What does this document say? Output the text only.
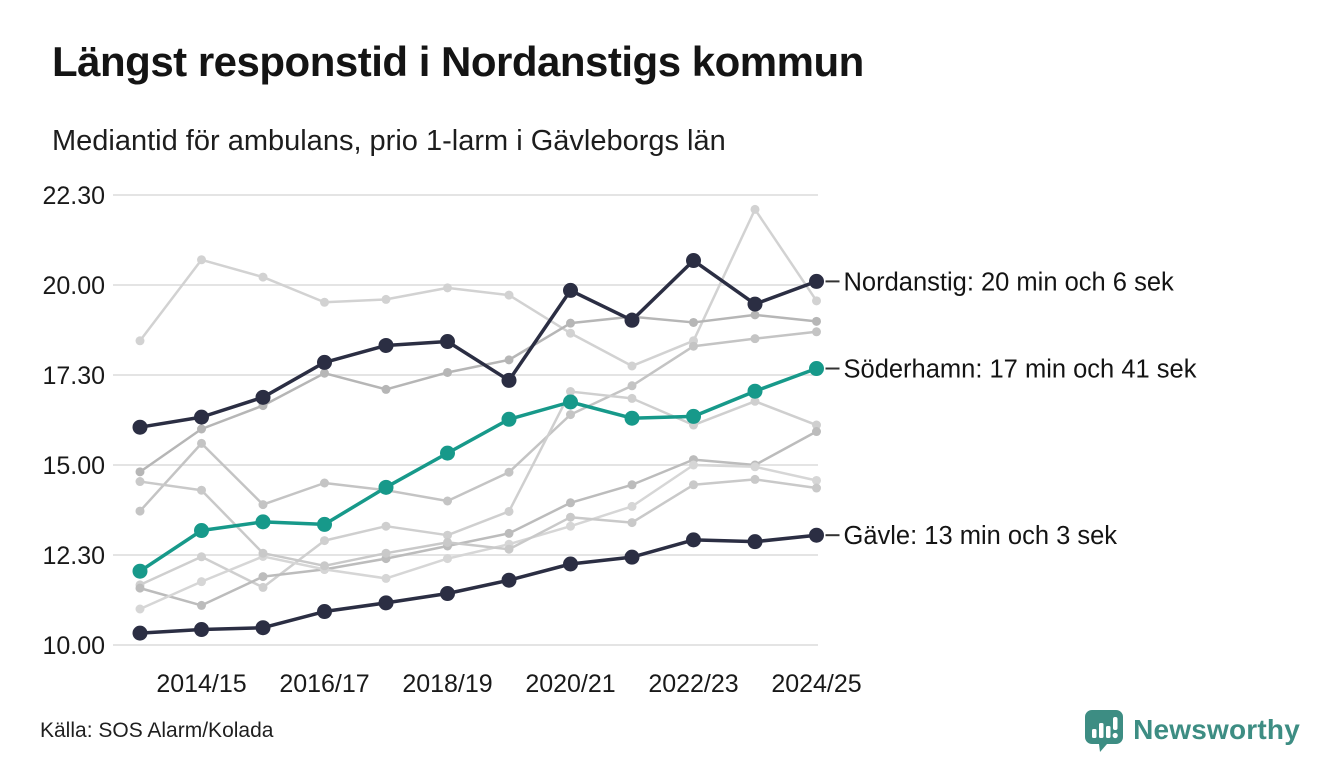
Längst responstid i Nordanstigs kommun
Mediantid för ambulans, prio 1-larm i Gävleborgs län
22.30
20.00
17.30
15.00
12.30
10.00
2014/15 2016/17 2018/19 2020/21 2022/23 2024/25
Nordanstig: 20 min och 6 sek
Söderhamn: 17 min och 41 sek
Gävle: 13 min och 3 sek
Källa: SOS Alarm/Kolada	Newsworthy
